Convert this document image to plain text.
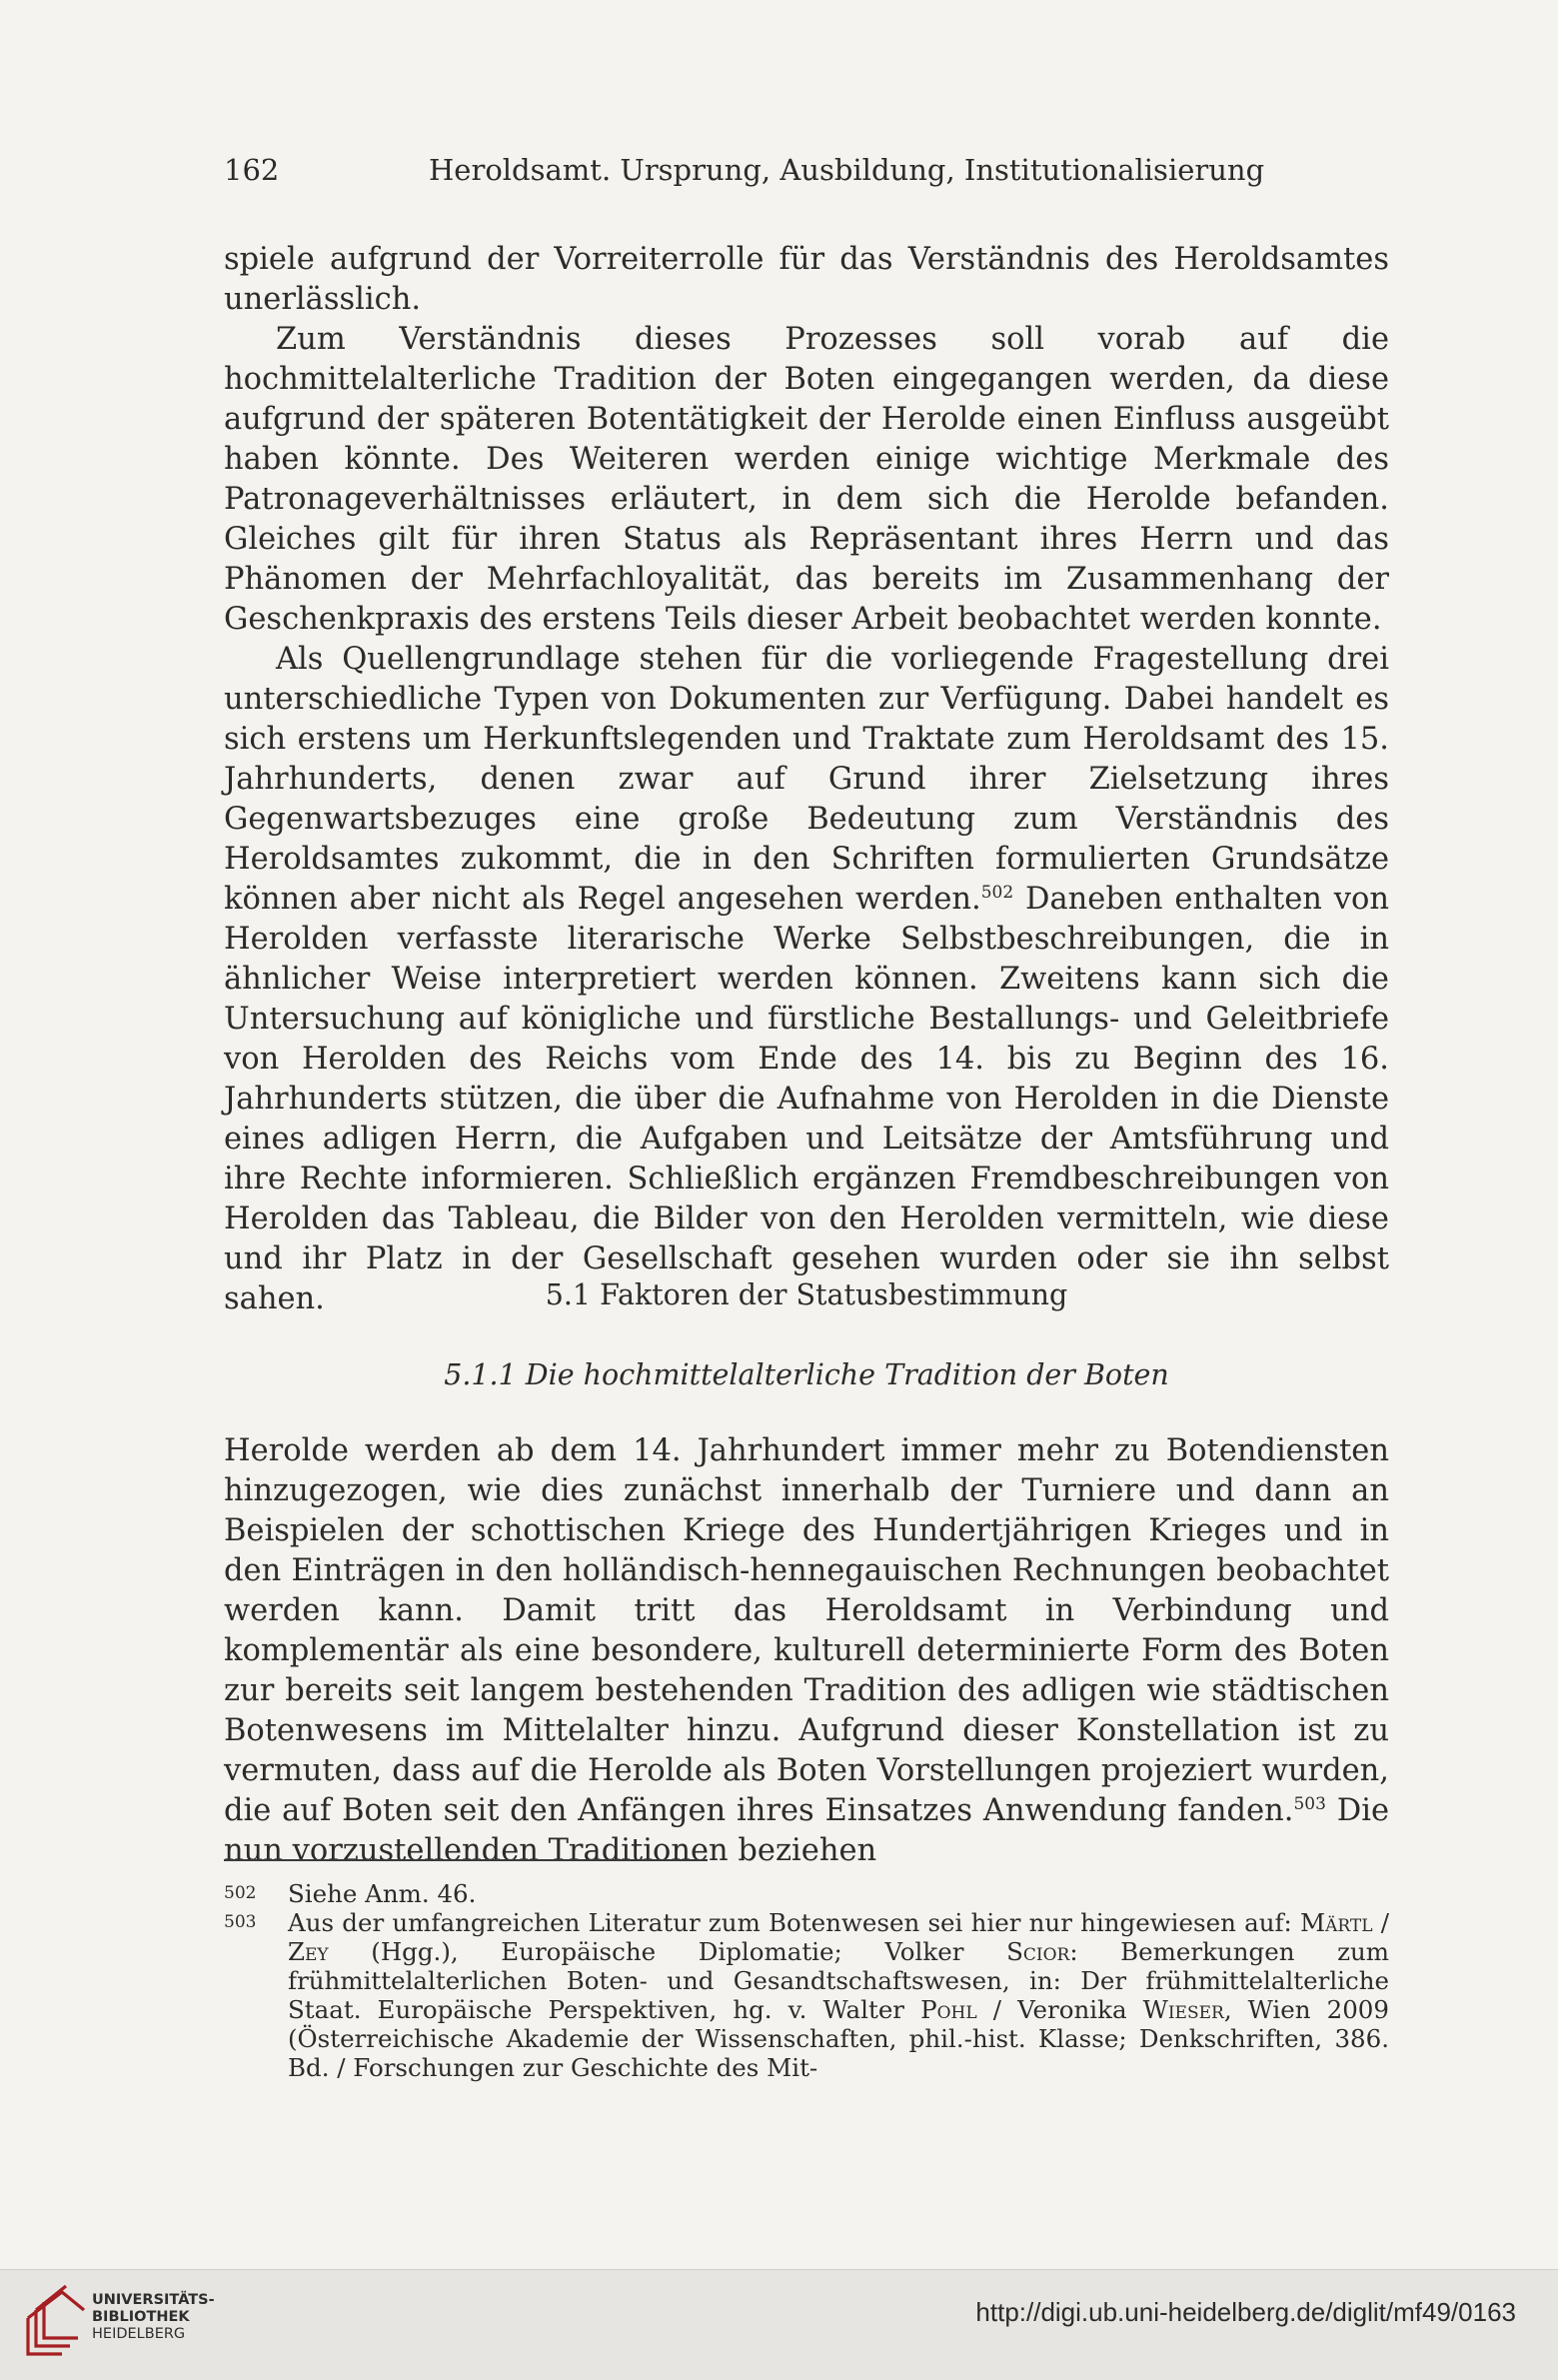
162	Heroldsamt. Ursprung, Ausbildung, Institutionalisierung

spiele aufgrund der Vorreiterrolle für das Verständnis des Heroldsamtes unerlässlich.

Zum Verständnis dieses Prozesses soll vorab auf die hochmittelalterliche Tradition der Boten eingegangen werden, da diese aufgrund der späteren Botentätigkeit der Herolde einen Einfluss ausgeübt haben könnte. Des Weiteren werden einige wichtige Merkmale des Patronageverhältnisses erläutert, in dem sich die Herolde befanden. Gleiches gilt für ihren Status als Repräsentant ihres Herrn und das Phänomen der Mehrfachloyalität, das bereits im Zusammenhang der Geschenkpraxis des erstens Teils dieser Arbeit beobachtet werden konnte.

Als Quellengrundlage stehen für die vorliegende Fragestellung drei unterschiedliche Typen von Dokumenten zur Verfügung. Dabei handelt es sich erstens um Herkunftslegenden und Traktate zum Heroldsamt des 15. Jahrhunderts, denen zwar auf Grund ihrer Zielsetzung ihres Gegenwartsbezuges eine große Bedeutung zum Verständnis des Heroldsamtes zukommt, die in den Schriften formulierten Grundsätze können aber nicht als Regel angesehen werden.$^{502}$ Daneben enthalten von Herolden verfasste literarische Werke Selbstbeschreibungen, die in ähnlicher Weise interpretiert werden können. Zweitens kann sich die Untersuchung auf königliche und fürstliche Bestallungs- und Geleitbriefe von Herolden des Reichs vom Ende des 14. bis zu Beginn des 16. Jahrhunderts stützen, die über die Aufnahme von Herolden in die Dienste eines adligen Herrn, die Aufgaben und Leitsätze der Amtsführung und ihre Rechte informieren. Schließlich ergänzen Fremdbeschreibungen von Herolden das Tableau, die Bilder von den Herolden vermitteln, wie diese und ihr Platz in der Gesellschaft gesehen wurden oder sie ihn selbst sahen.	5.1 Faktoren der Statusbestimmung
5.1.1 Die hochmittelalterliche Tradition der Boten

Herolde werden ab dem 14. Jahrhundert immer mehr zu Botendiensten hinzugezogen, wie dies zunächst innerhalb der Turniere und dann an Beispielen der schottischen Kriege des Hundertjährigen Krieges und in den Einträgen in den holländisch-hennegauischen Rechnungen beobachtet werden kann. Damit tritt das Heroldsamt in Verbindung und komplementär als eine besondere, kulturell determinierte Form des Boten zur bereits seit langem bestehenden Tradition des adligen wie städtischen Botenwesens im Mittelalter hinzu. Aufgrund dieser Konstellation ist zu vermuten, dass auf die Herolde als Boten Vorstellungen projeziert wurden, die auf Boten seit den Anfängen ihres Einsatzes Anwendung fanden.$^{503}$ Die nun vorzustellenden Traditionen beziehen

502 Siehe Anm. 46.
503 Aus der umfangreichen Literatur zum Botenwesen sei hier nur hingewiesen auf: Märtl / Zey (Hgg.), Europäische Diplomatie; Volker Scior: Bemerkungen zum frühmittelalterlichen Boten- und Gesandtschaftswesen, in: Der frühmittelalterliche Staat. Europäische Perspektiven, hg. v. Walter Pohl / Veronika Wieser, Wien 2009 (Österreichische Akademie der Wissenschaften, phil.-hist. Klasse; Denkschriften, 386. Bd. / Forschungen zur Geschichte des Mit-
UNIVERSITÄTS-
BIBLIOTHEK
HEIDELBERG
http://digi.ub.uni-heidelberg.de/diglit/mf49/0163
